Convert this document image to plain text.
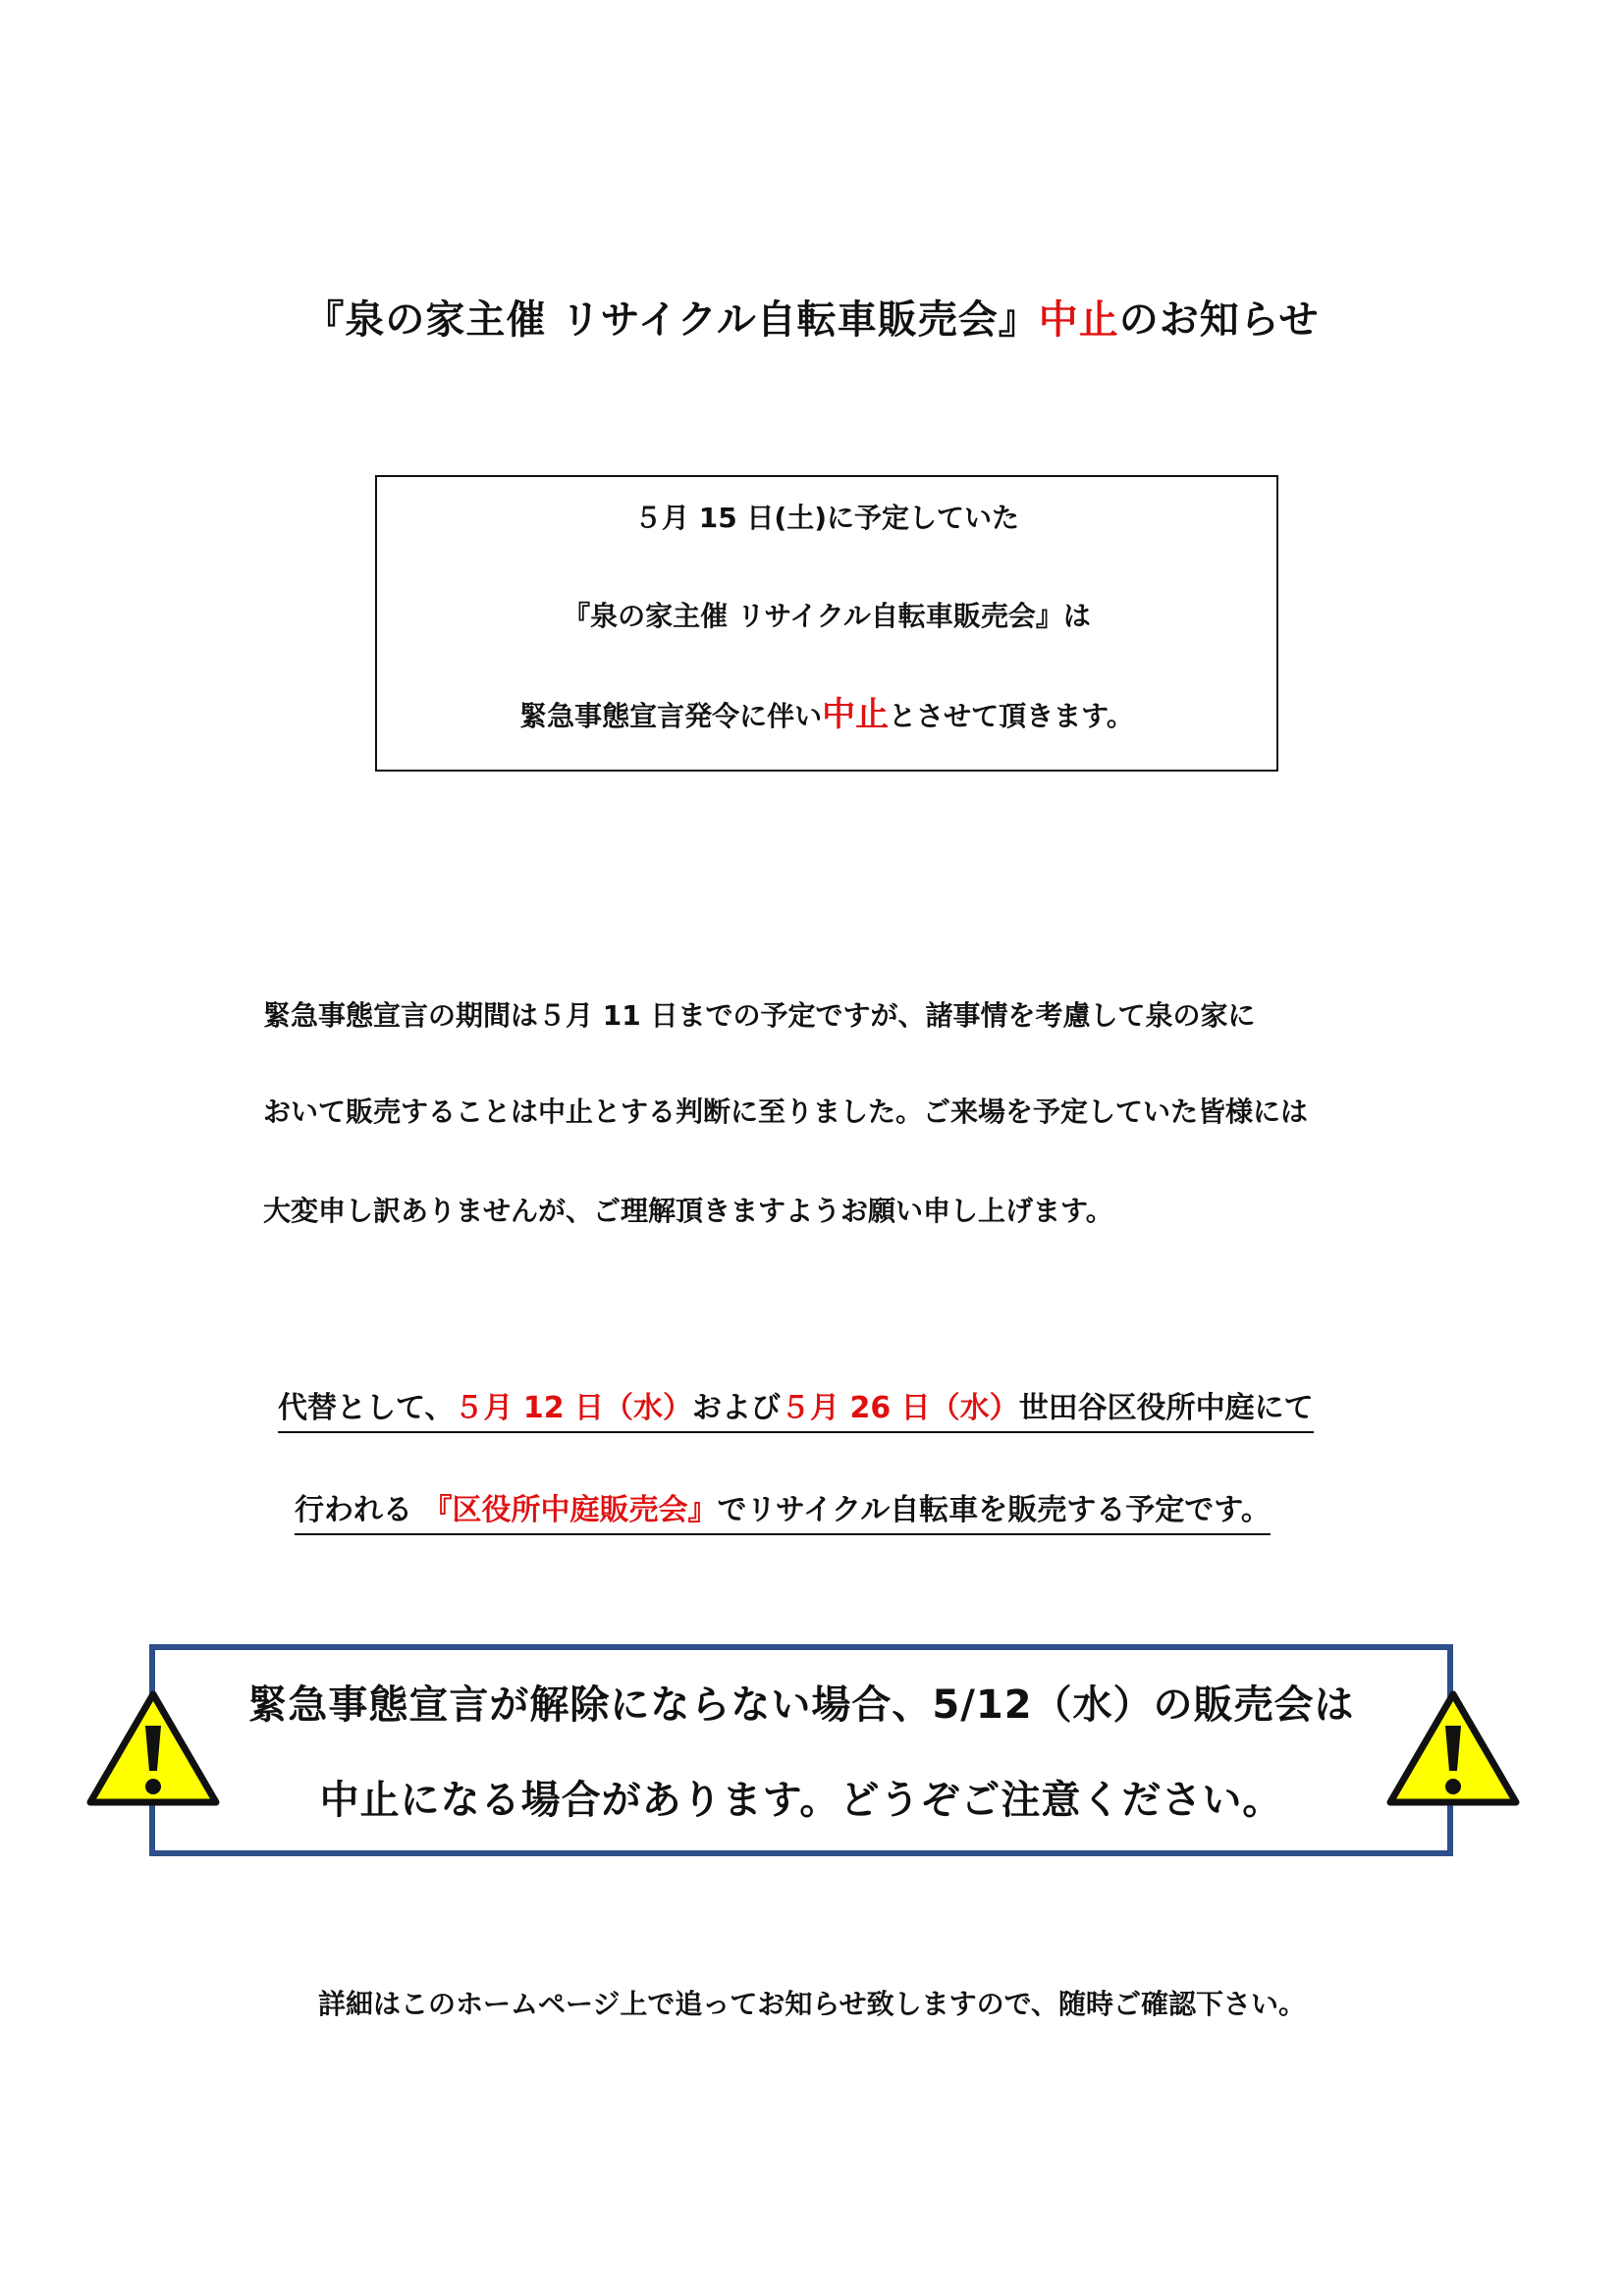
『泉の家主催 リサイクル自転車販売会』中止のお知らせ
５月 15 日(土)に予定していた
『泉の家主催 リサイクル自転車販売会』は
緊急事態宣言発令に伴い中止とさせて頂きます。
緊急事態宣言の期間は５月 11 日までの予定ですが、諸事情を考慮して泉の家に
おいて販売することは中止とする判断に至りました。ご来場を予定していた皆様には
大変申し訳ありませんが、ご理解頂きますようお願い申し上げます。
代替として、５月 12 日（水）および５月 26 日（水）世田谷区役所中庭にて
行われる 『区役所中庭販売会』でリサイクル自転車を販売する予定です。
緊急事態宣言が解除にならない場合、5/12（水）の販売会は
中止になる場合があります。どうぞご注意ください。
詳細はこのホームページ上で追ってお知らせ致しますので、随時ご確認下さい。
